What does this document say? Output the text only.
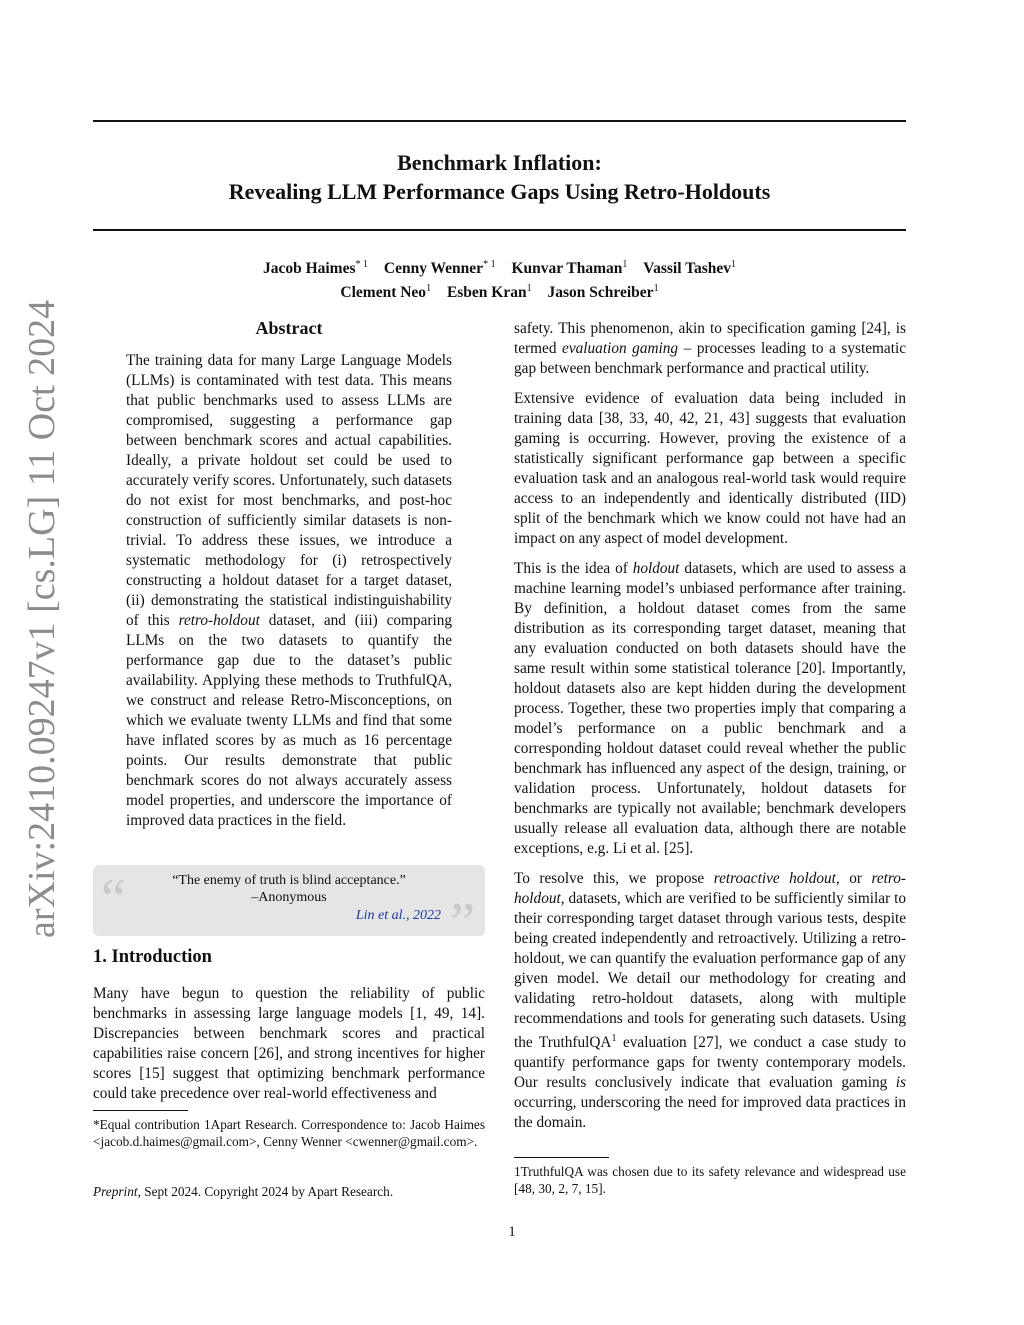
arXiv:2410.09247v1 [cs.LG] 11 Oct 2024
Benchmark Inflation:
Revealing LLM Performance Gaps Using Retro-Holdouts
Jacob Haimes$^{* 1}$ Cenny Wenner$^{* 1}$ Kunvar Thaman$^1$ Vassil Tashev$^1$
Clement Neo$^1$ Esben Kran$^1$ Jason Schreiber$^1$
Abstract

The training data for many Large Language Models (LLMs) is contaminated with test data. This means that public benchmarks used to assess LLMs are compromised, suggesting a performance gap between benchmark scores and actual capabilities. Ideally, a private holdout set could be used to accurately verify scores. Unfortunately, such datasets do not exist for most benchmarks, and post-hoc construction of sufficiently similar datasets is non-trivial. To address these issues, we introduce a systematic methodology for (i) retrospectively constructing a holdout dataset for a target dataset, (ii) demonstrating the statistical indistinguishability of this retro-holdout dataset, and (iii) comparing LLMs on the two datasets to quantify the performance gap due to the dataset’s public availability. Applying these methods to TruthfulQA, we construct and release Retro-Misconceptions, on which we evaluate twenty LLMs and find that some have inflated scores by as much as 16 percentage points. Our results demonstrate that public benchmark scores do not always accurately assess model properties, and underscore the importance of improved data practices in the field.

“	“The enemy of truth is blind acceptance.”
–Anonymous
Lin et al., 2022 ”
1. Introduction

Many have begun to question the reliability of public benchmarks in assessing large language models [1, 49, 14]. Discrepancies between benchmark scores and practical capabilities raise concern [26], and strong incentives for higher scores [15] suggest that optimizing benchmark performance could take precedence over real-world effectiveness and

*Equal contribution 1Apart Research. Correspondence to: Jacob Haimes <jacob.d.haimes@gmail.com>, Cenny Wenner <cwenner@gmail.com>.

Preprint, Sept 2024. Copyright 2024 by Apart Research.

safety. This phenomenon, akin to specification gaming [24], is termed evaluation gaming – processes leading to a systematic gap between benchmark performance and practical utility.

Extensive evidence of evaluation data being included in training data [38, 33, 40, 42, 21, 43] suggests that evaluation gaming is occurring. However, proving the existence of a statistically significant performance gap between a specific evaluation task and an analogous real-world task would require access to an independently and identically distributed (IID) split of the benchmark which we know could not have had an impact on any aspect of model development.

This is the idea of holdout datasets, which are used to assess a machine learning model’s unbiased performance after training. By definition, a holdout dataset comes from the same distribution as its corresponding target dataset, meaning that any evaluation conducted on both datasets should have the same result within some statistical tolerance [20]. Importantly, holdout datasets also are kept hidden during the development process. Together, these two properties imply that comparing a model’s performance on a public benchmark and a corresponding holdout dataset could reveal whether the public benchmark has influenced any aspect of the design, training, or validation process. Unfortunately, holdout datasets for benchmarks are typically not available; benchmark developers usually release all evaluation data, although there are notable exceptions, e.g. Li et al. [25].

To resolve this, we propose retroactive holdout, or retro-holdout, datasets, which are verified to be sufficiently similar to their corresponding target dataset through various tests, despite being created independently and retroactively. Utilizing a retro-holdout, we can quantify the evaluation performance gap of any given model. We detail our methodology for creating and validating retro-holdout datasets, along with multiple recommendations and tools for generating such datasets. Using the TruthfulQA$^1$ evaluation [27], we conduct a case study to quantify performance gaps for twenty contemporary models. Our results conclusively indicate that evaluation gaming is occurring, underscoring the need for improved data practices in the domain.

1TruthfulQA was chosen due to its safety relevance and widespread use [48, 30, 2, 7, 15].

1
